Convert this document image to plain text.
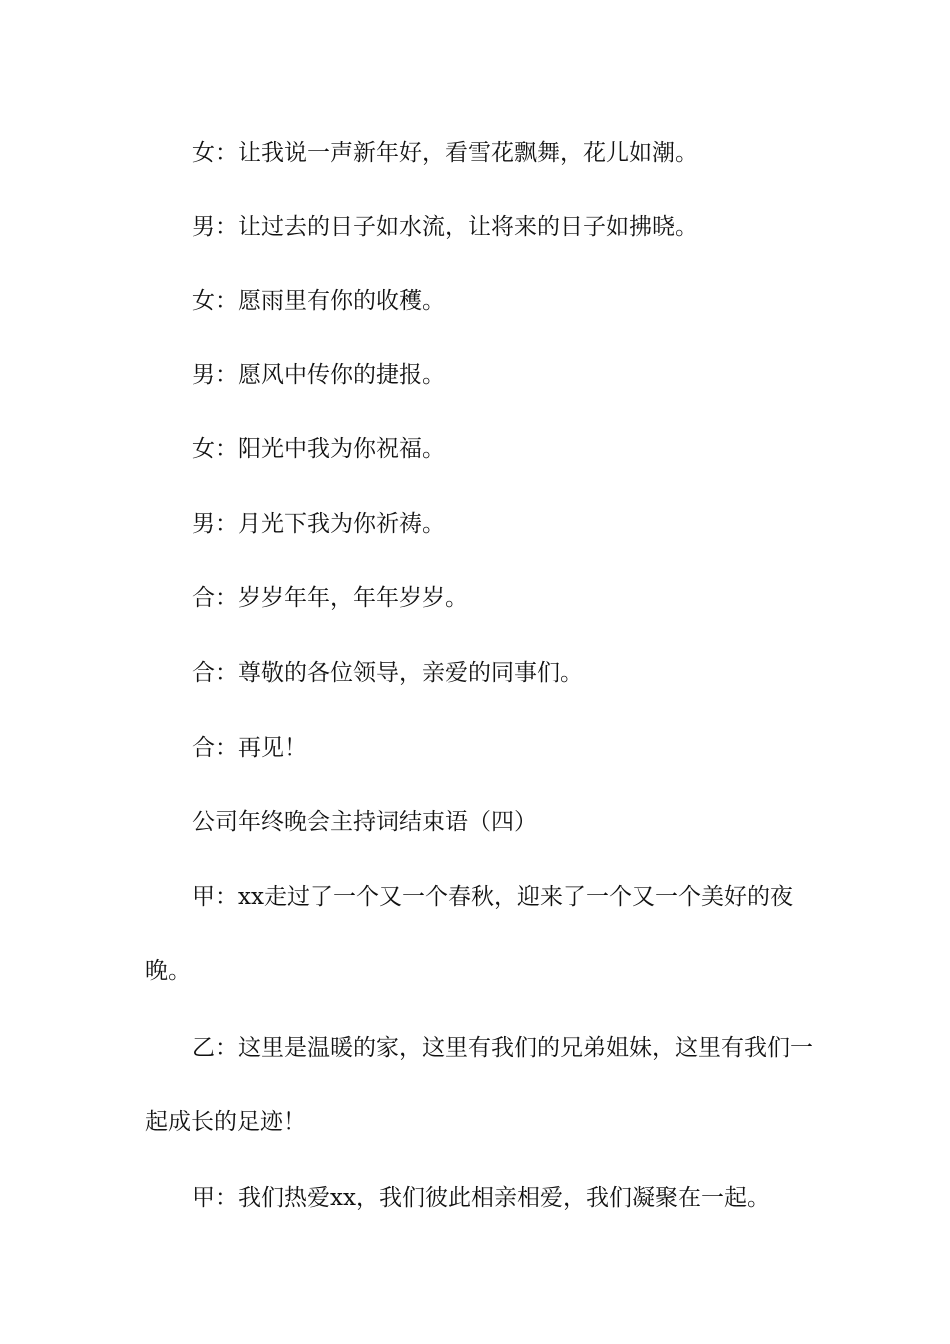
女：让我说一声新年好，看雪花飘舞，花儿如潮。

男：让过去的日子如水流，让将来的日子如拂晓。

女：愿雨里有你的收穫。

男：愿风中传你的捷报。

女：阳光中我为你祝福。

男：月光下我为你祈祷。

合：岁岁年年，年年岁岁。

合：尊敬的各位领导，亲爱的同事们。

合：再见！

公司年终晚会主持词结束语（四）

甲：xx走过了一个又一个春秋，迎来了一个又一个美好的夜晚。

乙：这里是温暖的家，这里有我们的兄弟姐妹，这里有我们一起成长的足迹！

甲：我们热爱xx，我们彼此相亲相爱，我们凝聚在一起。
